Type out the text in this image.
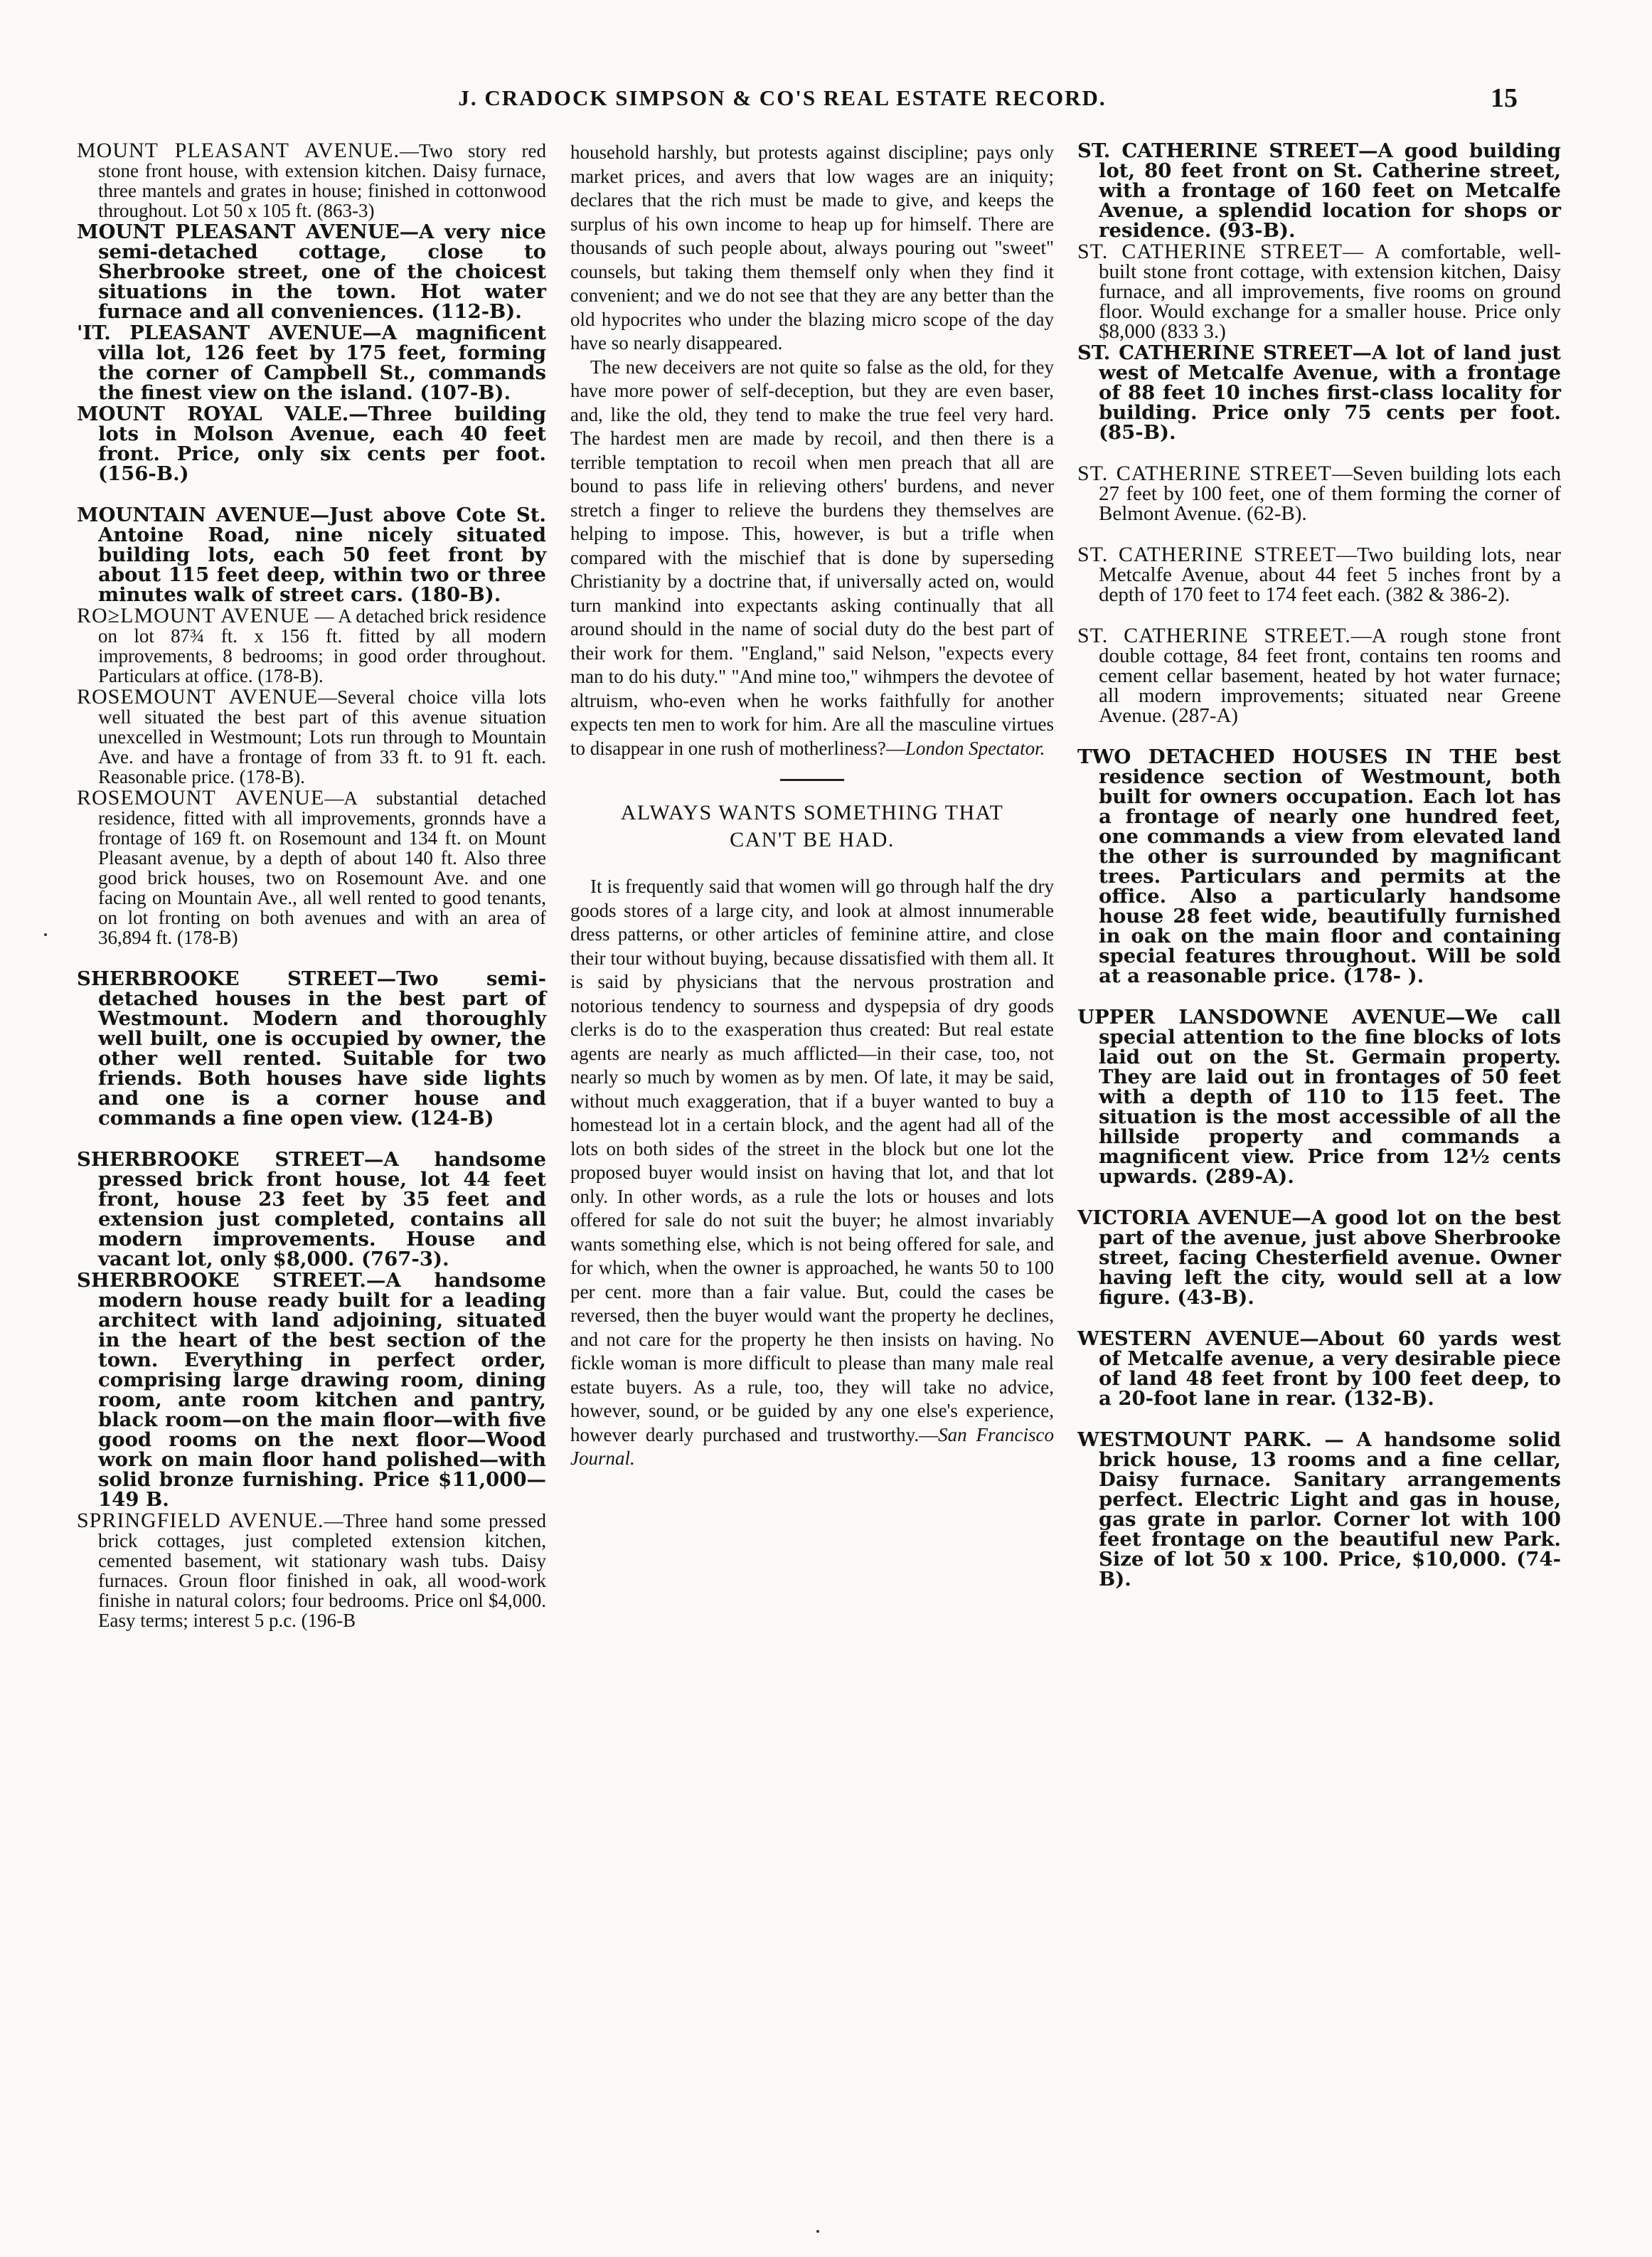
J. CRADOCK SIMPSON & CO'S REAL ESTATE RECORD.	15

MOUNT PLEASANT AVENUE.—Two story red stone front house, with extension kitchen. Daisy furnace, three mantels and grates in house; finished in cottonwood throughout. Lot 50 x 105 ft. (863-3)

MOUNT PLEASANT AVENUE—A very nice semi-detached cottage, close to Sherbrooke street, one of the choicest situations in the town. Hot water furnace and all conveniences. (112-B).

'IT. PLEASANT AVENUE—A magnificent villa lot, 126 feet by 175 feet, forming the corner of Campbell St., commands the finest view on the island. (107-B).

MOUNT ROYAL VALE.—Three building lots in Molson Avenue, each 40 feet front. Price, only six cents per foot. (156-B.)

MOUNTAIN AVENUE—Just above Cote St. Antoine Road, nine nicely situated building lots, each 50 feet front by about 115 feet deep, within two or three minutes walk of street cars. (180-B).

RO≥LMOUNT AVENUE — A detached brick residence on lot 87¾ ft. x 156 ft. fitted by all modern improvements, 8 bedrooms; in good order throughout. Particulars at office. (178-B).

ROSEMOUNT AVENUE—Several choice villa lots well situated the best part of this avenue situation unexcelled in Westmount; Lots run through to Mountain Ave. and have a frontage of from 33 ft. to 91 ft. each. Reasonable price. (178-B).

ROSEMOUNT AVENUE—A substantial detached residence, fitted with all improvements, gronnds have a frontage of 169 ft. on Rosemount and 134 ft. on Mount Pleasant avenue, by a depth of about 140 ft. Also three good brick houses, two on Rosemount Ave. and one facing on Mountain Ave., all well rented to good tenants, on lot fronting on both avenues and with an area of 36,894 ft. (178-B)

SHERBROOKE STREET—Two semi-detached houses in the best part of Westmount. Modern and thoroughly well built, one is occupied by owner, the other well rented. Suitable for two friends. Both houses have side lights and one is a corner house and commands a fine open view. (124-B)

SHERBROOKE STREET—A handsome pressed brick front house, lot 44 feet front, house 23 feet by 35 feet and extension just completed, contains all modern improvements. House and vacant lot, only $8,000. (767-3).

SHERBROOKE STREET.—A handsome modern house ready built for a leading architect with land adjoining, situated in the heart of the best section of the town. Everything in perfect order, comprising large drawing room, dining room, ante room kitchen and pantry, black room—on the main floor—with five good rooms on the next floor—Wood work on main floor hand polished—with solid bronze furnishing. Price $11,000—149 B.

SPRINGFIELD AVENUE.—Three hand some pressed brick cottages, just completed extension kitchen, cemented basement, wit stationary wash tubs. Daisy furnaces. Groun floor finished in oak, all wood-work finishe in natural colors; four bedrooms. Price onl $4,000. Easy terms; interest 5 p.c. (196-B

household harshly, but protests against discipline; pays only market prices, and avers that low wages are an iniquity; declares that the rich must be made to give, and keeps the surplus of his own income to heap up for himself. There are thousands of such people about, always pouring out "sweet" counsels, but taking them themself only when they find it convenient; and we do not see that they are any better than the old hypocrites who under the blazing micro scope of the day have so nearly disappeared.

The new deceivers are not quite so false as the old, for they have more power of self-deception, but they are even baser, and, like the old, they tend to make the true feel very hard. The hardest men are made by recoil, and then there is a terrible temptation to recoil when men preach that all are bound to pass life in relieving others' burdens, and never stretch a finger to relieve the burdens they themselves are helping to impose. This, however, is but a trifle when compared with the mischief that is done by superseding Christianity by a doctrine that, if universally acted on, would turn mankind into expectants asking continually that all around should in the name of social duty do the best part of their work for them. "England," said Nelson, "expects every man to do his duty." "And mine too," wihmpers the devotee of altruism, who-even when he works faithfully for another expects ten men to work for him. Are all the masculine virtues to disappear in one rush of motherliness?—London Spectator.

ALWAYS WANTS SOMETHING THAT
CAN'T BE HAD.

It is frequently said that women will go through half the dry goods stores of a large city, and look at almost innumerable dress patterns, or other articles of feminine attire, and close their tour without buying, because dissatisfied with them all. It is said by physicians that the nervous prostration and notorious tendency to sourness and dyspepsia of dry goods clerks is do to the exasperation thus created: But real estate agents are nearly as much afflicted—in their case, too, not nearly so much by women as by men. Of late, it may be said, without much exaggeration, that if a buyer wanted to buy a homestead lot in a certain block, and the agent had all of the lots on both sides of the street in the block but one lot the proposed buyer would insist on having that lot, and that lot only. In other words, as a rule the lots or houses and lots offered for sale do not suit the buyer; he almost invariably wants something else, which is not being offered for sale, and for which, when the owner is approached, he wants 50 to 100 per cent. more than a fair value. But, could the cases be reversed, then the buyer would want the property he declines, and not care for the property he then insists on having. No fickle woman is more difficult to please than many male real estate buyers. As a rule, too, they will take no advice, however, sound, or be guided by any one else's experience, however dearly purchased and trustworthy.—San Francisco Journal.

ST. CATHERINE STREET—A good building lot, 80 feet front on St. Catherine street, with a frontage of 160 feet on Metcalfe Avenue, a splendid location for shops or residence. (93-B).

ST. CATHERINE STREET— A comfortable, well-built stone front cottage, with extension kitchen, Daisy furnace, and all improvements, five rooms on ground floor. Would exchange for a smaller house. Price only $8,000 (833 3.)

ST. CATHERINE STREET—A lot of land just west of Metcalfe Avenue, with a frontage of 88 feet 10 inches first-class locality for building. Price only 75 cents per foot. (85-B).

ST. CATHERINE STREET—Seven building lots each 27 feet by 100 feet, one of them forming the corner of Belmont Avenue. (62-B).

ST. CATHERINE STREET—Two building lots, near Metcalfe Avenue, about 44 feet 5 inches front by a depth of 170 feet to 174 feet each. (382 & 386-2).

ST. CATHERINE STREET.—A rough stone front double cottage, 84 feet front, contains ten rooms and cement cellar basement, heated by hot water furnace; all modern improvements; situated near Greene Avenue. (287-A)

TWO DETACHED HOUSES IN THE best residence section of Westmount, both built for owners occupation. Each lot has a frontage of nearly one hundred feet, one commands a view from elevated land the other is surrounded by magnificant trees. Particulars and permits at the office. Also a particularly handsome house 28 feet wide, beautifully furnished in oak on the main floor and containing special features throughout. Will be sold at a reasonable price. (178- ).

UPPER LANSDOWNE AVENUE—We call special attention to the fine blocks of lots laid out on the St. Germain property. They are laid out in frontages of 50 feet with a depth of 110 to 115 feet. The situation is the most accessible of all the hillside property and commands a magnificent view. Price from 12½ cents upwards. (289-A).

VICTORIA AVENUE—A good lot on the best part of the avenue, just above Sherbrooke street, facing Chesterfield avenue. Owner having left the city, would sell at a low figure. (43-B).

WESTERN AVENUE—About 60 yards west of Metcalfe avenue, a very desirable piece of land 48 feet front by 100 feet deep, to a 20-foot lane in rear. (132-B).

WESTMOUNT PARK. — A handsome solid brick house, 13 rooms and a fine cellar, Daisy furnace. Sanitary arrangements perfect. Electric Light and gas in house, gas grate in parlor. Corner lot with 100 feet frontage on the beautiful new Park. Size of lot 50 x 100. Price, $10,000. (74-B).
